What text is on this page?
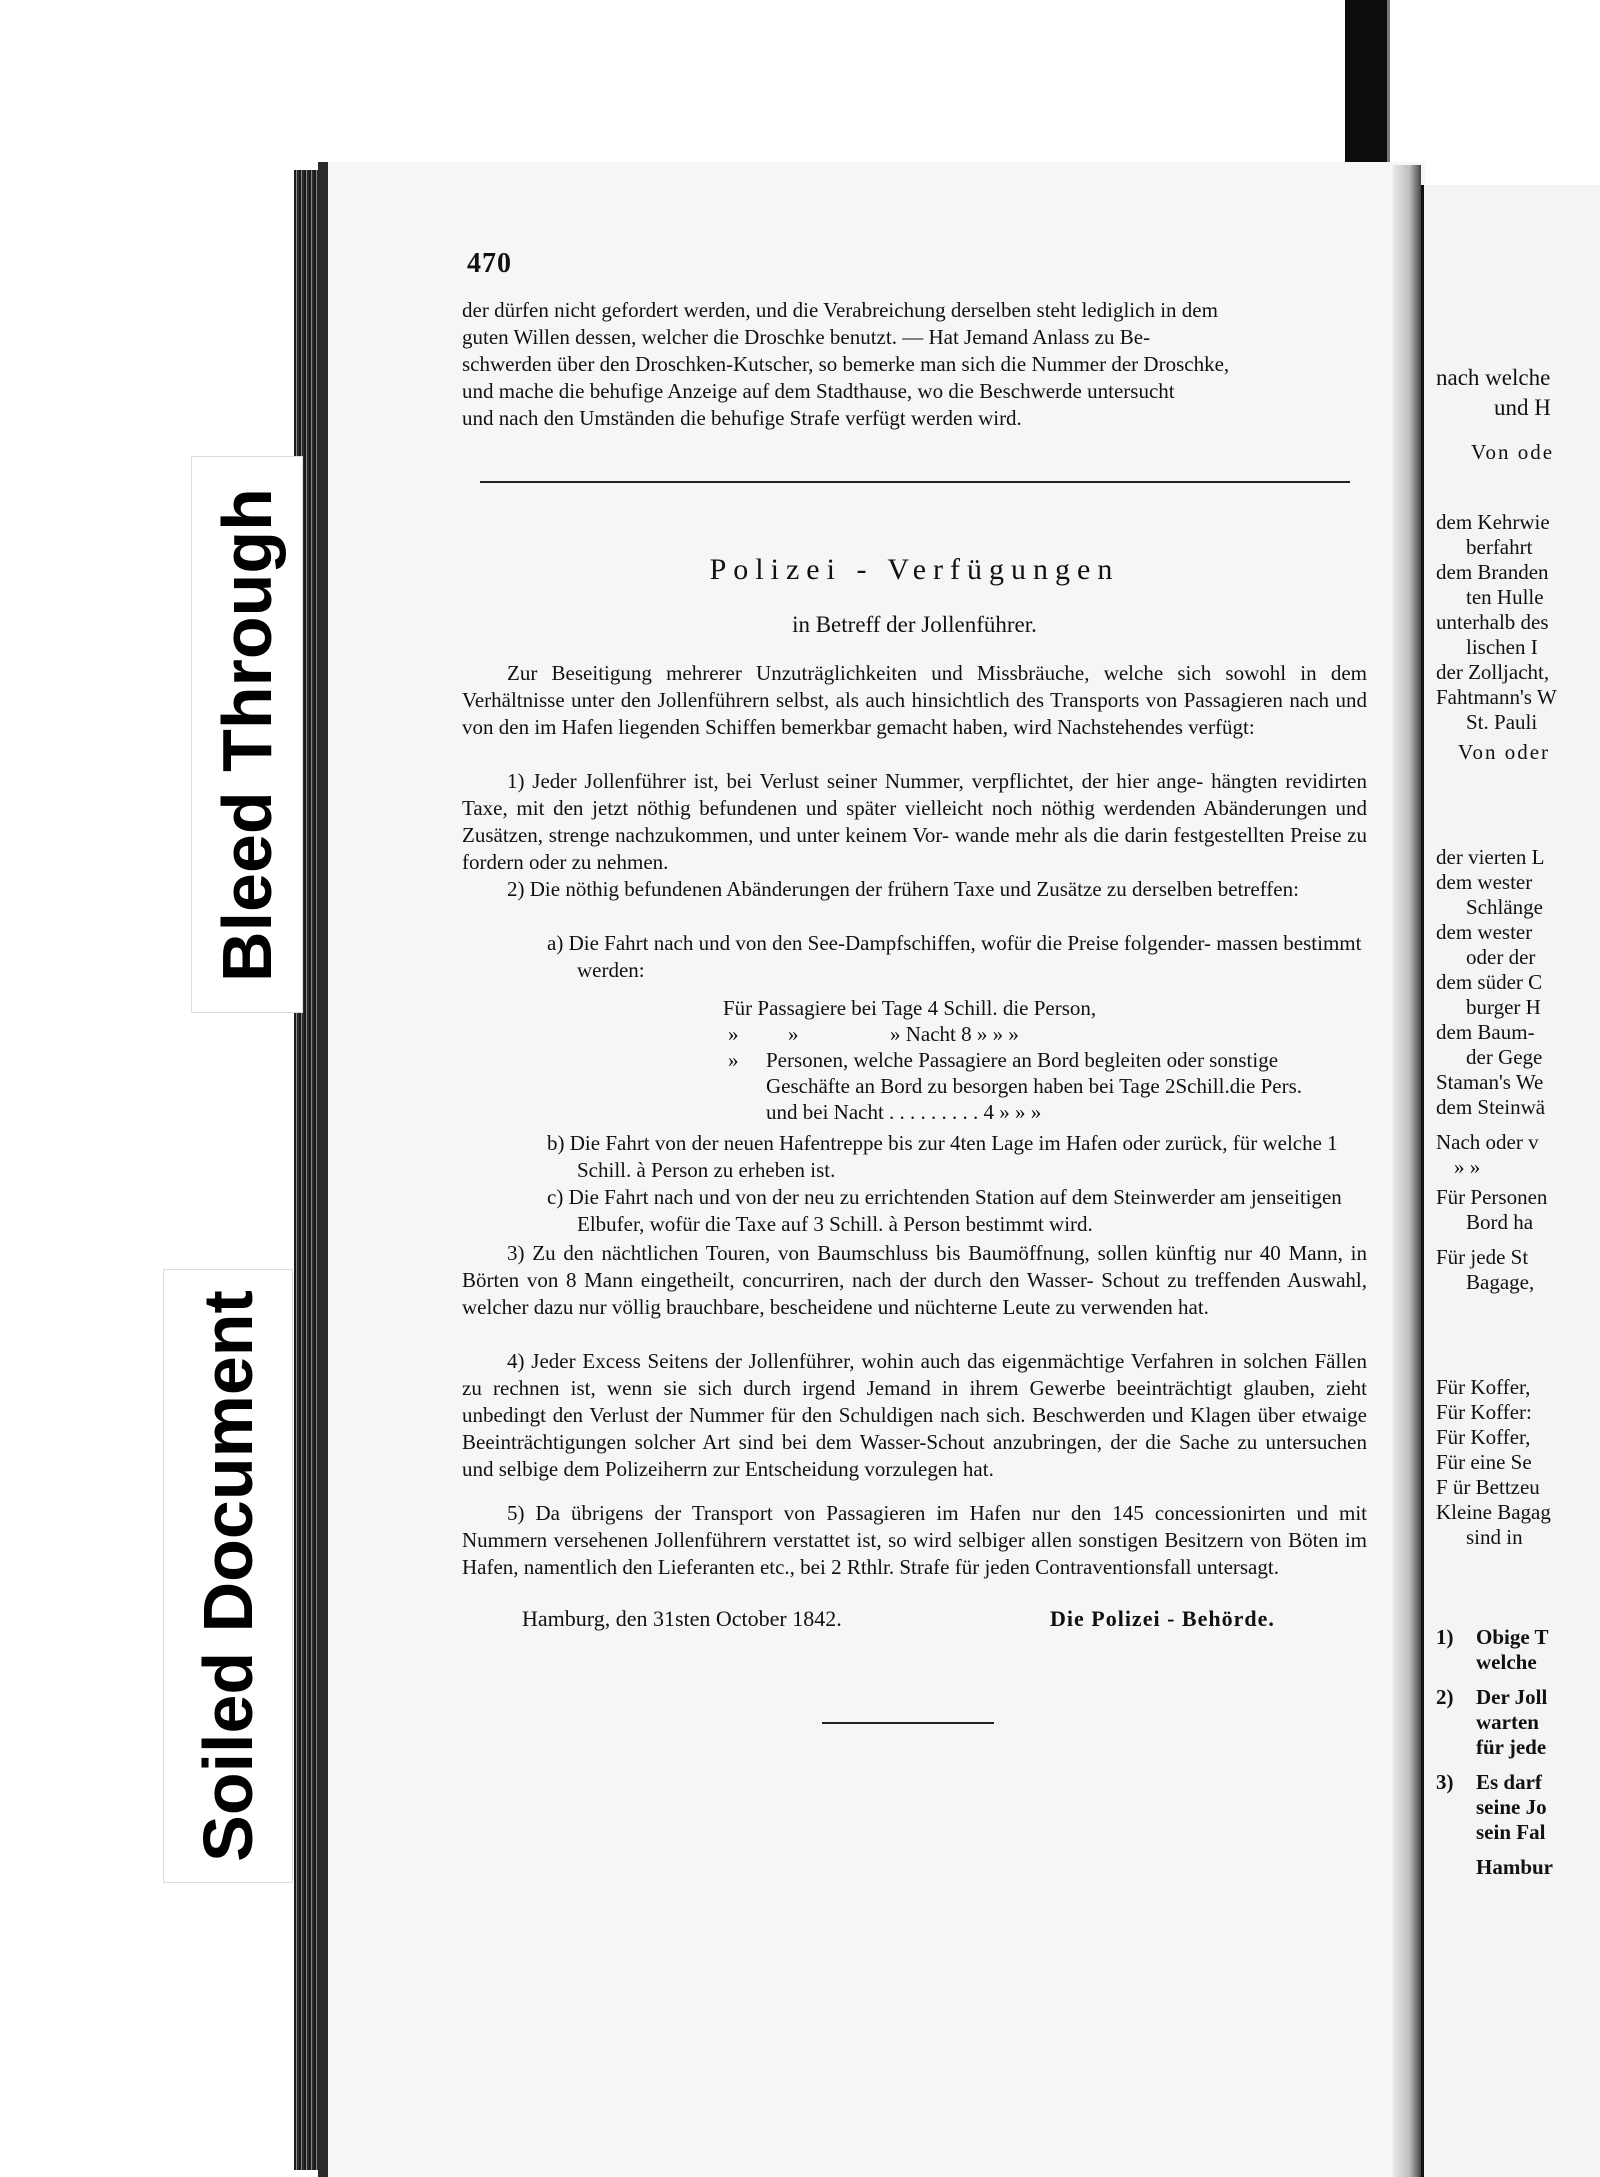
470
der dürfen nicht gefordert werden, und die Verabreichung derselben steht lediglich in dem
guten Willen dessen, welcher die Droschke benutzt. — Hat Jemand Anlass zu Be-
schwerden über den Droschken-Kutscher, so bemerke man sich die Nummer der Droschke,
und mache die behufige Anzeige auf dem Stadthause, wo die Beschwerde untersucht
und nach den Umständen die behufige Strafe verfügt werden wird.
Polizei - Verfügungen
in Betreff der Jollenführer.
Zur Beseitigung mehrerer Unzuträglichkeiten und Missbräuche, welche sich sowohl in dem Verhältnisse unter den Jollenführern selbst, als auch hinsichtlich des Transports von Passagieren nach und von den im Hafen liegenden Schiffen bemerkbar gemacht haben, wird Nachstehendes verfügt:
1) Jeder Jollenführer ist, bei Verlust seiner Nummer, verpflichtet, der hier ange- hängten revidirten Taxe, mit den jetzt nöthig befundenen und später vielleicht noch nöthig werdenden Abänderungen und Zusätzen, strenge nachzukommen, und unter keinem Vor- wande mehr als die darin festgestellten Preise zu fordern oder zu nehmen.
2) Die nöthig befundenen Abänderungen der frühern Taxe und Zusätze zu derselben betreffen:
a) Die Fahrt nach und von den See-Dampfschiffen, wofür die Preise folgender- massen bestimmt werden:
Für Passagiere bei Tage 4 Schill. die Person,
» »	» Nacht 8 » » »
» Personen, welche Passagiere an Bord begleiten oder sonstige
Geschäfte an Bord zu besorgen haben bei Tage 2Schill.die Pers.
und bei Nacht . . . . . . . . . 4 » » »
b) Die Fahrt von der neuen Hafentreppe bis zur 4ten Lage im Hafen oder zurück, für welche 1 Schill. à Person zu erheben ist.
c) Die Fahrt nach und von der neu zu errichtenden Station auf dem Steinwerder am jenseitigen Elbufer, wofür die Taxe auf 3 Schill. à Person bestimmt wird.
3) Zu den nächtlichen Touren, von Baumschluss bis Baumöffnung, sollen künftig nur 40 Mann, in Börten von 8 Mann eingetheilt, concurriren, nach der durch den Wasser- Schout zu treffenden Auswahl, welcher dazu nur völlig brauchbare, bescheidene und nüchterne Leute zu verwenden hat.
4) Jeder Excess Seitens der Jollenführer, wohin auch das eigenmächtige Verfahren in solchen Fällen zu rechnen ist, wenn sie sich durch irgend Jemand in ihrem Gewerbe beeinträchtigt glauben, zieht unbedingt den Verlust der Nummer für den Schuldigen nach sich. Beschwerden und Klagen über etwaige Beeinträchtigungen solcher Art sind bei dem Wasser-Schout anzubringen, der die Sache zu untersuchen und selbige dem Polizeiherrn zur Entscheidung vorzulegen hat.
5) Da übrigens der Transport von Passagieren im Hafen nur den 145 concessionirten und mit Nummern versehenen Jollenführern verstattet ist, so wird selbiger allen sonstigen Besitzern von Böten im Hafen, namentlich den Lieferanten etc., bei 2 Rthlr. Strafe für jeden Contraventionsfall untersagt.
Hamburg, den 31sten October 1842.	Die Polizei - Behörde.
nach welche
und H
Von ode
dem Kehrwie
berfahrt
dem Branden
ten Hulle
unterhalb des
lischen I
der Zolljacht,
Fahtmann's W
St. Pauli
Von oder
der vierten L
dem wester
Schlänge
dem wester
oder der
dem süder C
burger H
dem Baum-
der Gege
Staman's We
dem Steinwä
Nach oder v
» »
Für Personen
Bord ha
Für jede St
Bagage,
Für Koffer,
Für Koffer:
Für Koffer,
Für eine Se
F ür Bettzeu
Kleine Bagag
sind in
1) Obige T
welche
2) Der Joll
warten
für jede
3) Es darf
seine Jo
sein Fal
Hambur
Bleed Through
Soiled Document
